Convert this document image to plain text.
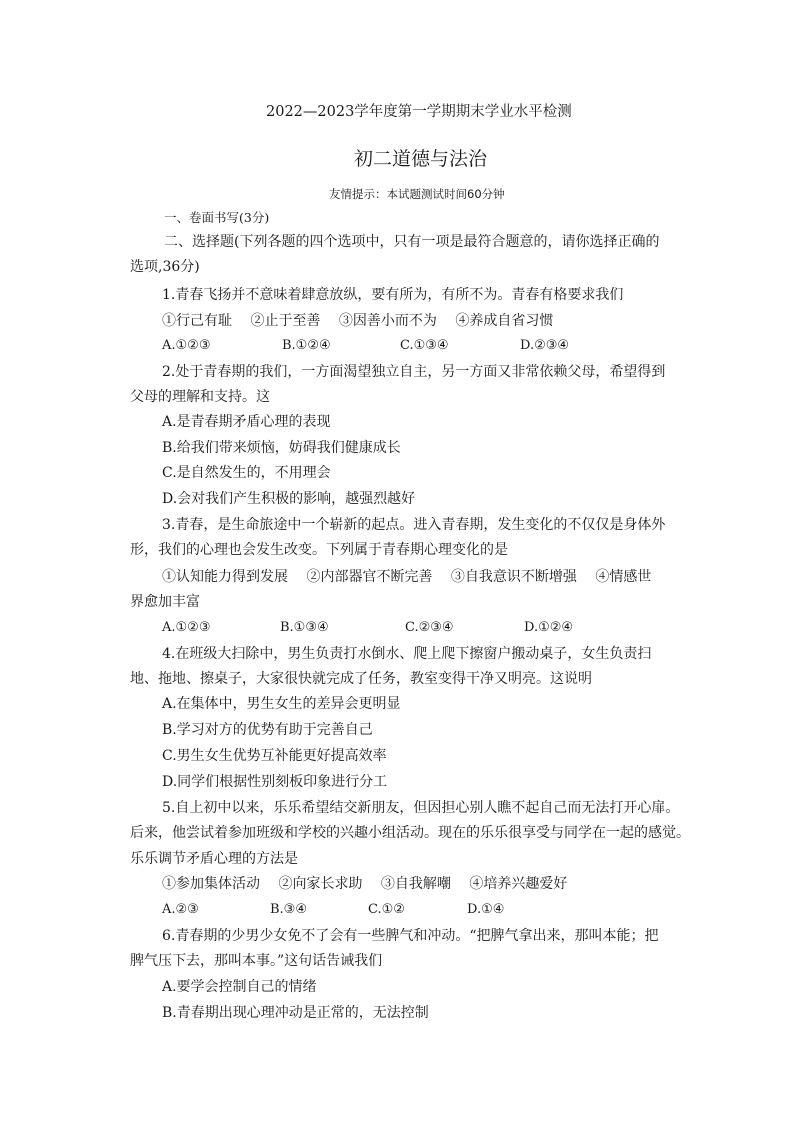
2022—2023学年度第一学期期末学业水平检测
初二道德与法治
友情提示：本试题测试时间60分钟
一、卷面书写(3分)
二、选择题(下列各题的四个选项中，只有一项是最符合题意的，请你选择正确的
选项,36分)
1.青春飞扬并不意味着肆意放纵，要有所为，有所不为。青春有格要求我们
①行己有耻　 ②止于至善　 ③因善小而不为　 ④养成自省习惯
A.①②③	B.①②④	C.①③④	D.②③④
2.处于青春期的我们，一方面渴望独立自主，另一方面又非常依赖父母，希望得到
父母的理解和支持。这
A.是青春期矛盾心理的表现
B.给我们带来烦恼，妨碍我们健康成长
C.是自然发生的，不用理会
D.会对我们产生积极的影响，越强烈越好
3.青春，是生命旅途中一个崭新的起点。进入青春期，发生变化的不仅仅是身体外
形，我们的心理也会发生改变。下列属于青春期心理变化的是
①认知能力得到发展　 ②内部器官不断完善　 ③自我意识不断增强　 ④情感世
界愈加丰富
A.①②③	B.①③④	C.②③④	D.①②④
4.在班级大扫除中，男生负责打水倒水、爬上爬下擦窗户搬动桌子，女生负责扫
地、拖地、擦桌子，大家很快就完成了任务，教室变得干净又明亮。这说明
A.在集体中，男生女生的差异会更明显
B.学习对方的优势有助于完善自己
C.男生女生优势互补能更好提高效率
D.同学们根据性别刻板印象进行分工
5.自上初中以来，乐乐希望结交新朋友，但因担心别人瞧不起自己而无法打开心扉。
后来，他尝试着参加班级和学校的兴趣小组活动。现在的乐乐很享受与同学在一起的感觉。
乐乐调节矛盾心理的方法是
①参加集体活动　 ②向家长求助　 ③自我解嘲　 ④培养兴趣爱好
A.②③	B.③④	C.①②	D.①④
6.青春期的少男少女免不了会有一些脾气和冲动。“把脾气拿出来，那叫本能；把
脾气压下去，那叫本事。”这句话告诫我们
A.要学会控制自己的情绪
B.青春期出现心理冲动是正常的，无法控制
